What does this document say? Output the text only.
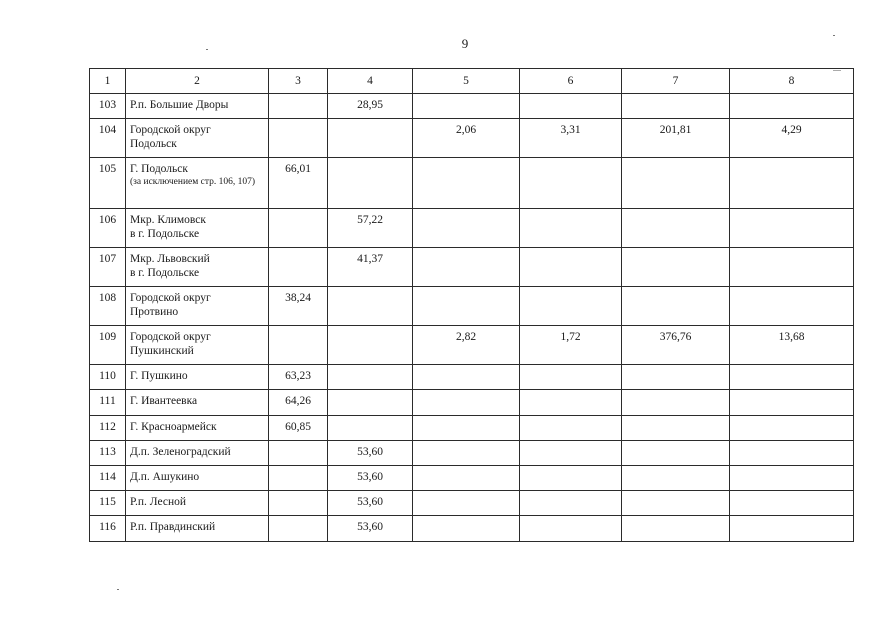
9
1	2	3	4	5	6	7	8
103	Р.п. Большие Дворы		28,95				
104	Городской округ
Подольск			2,06	3,31	201,81	4,29
105	Г. Подольск
(за исключением стр. 106, 107)	66,01					
106	Мкр. Климовск
в г. Подольске		57,22				
107	Мкр. Львовский
в г. Подольске		41,37				
108	Городской округ
Протвино	38,24					
109	Городской округ
Пушкинский			2,82	1,72	376,76	13,68
110	Г. Пушкино	63,23					
111	Г. Ивантеевка	64,26					
112	Г. Красноармейск	60,85					
113	Д.п. Зеленоградский		53,60				
114	Д.п. Ашукино		53,60				
115	Р.п. Лесной		53,60				
116	Р.п. Правдинский		53,60				
